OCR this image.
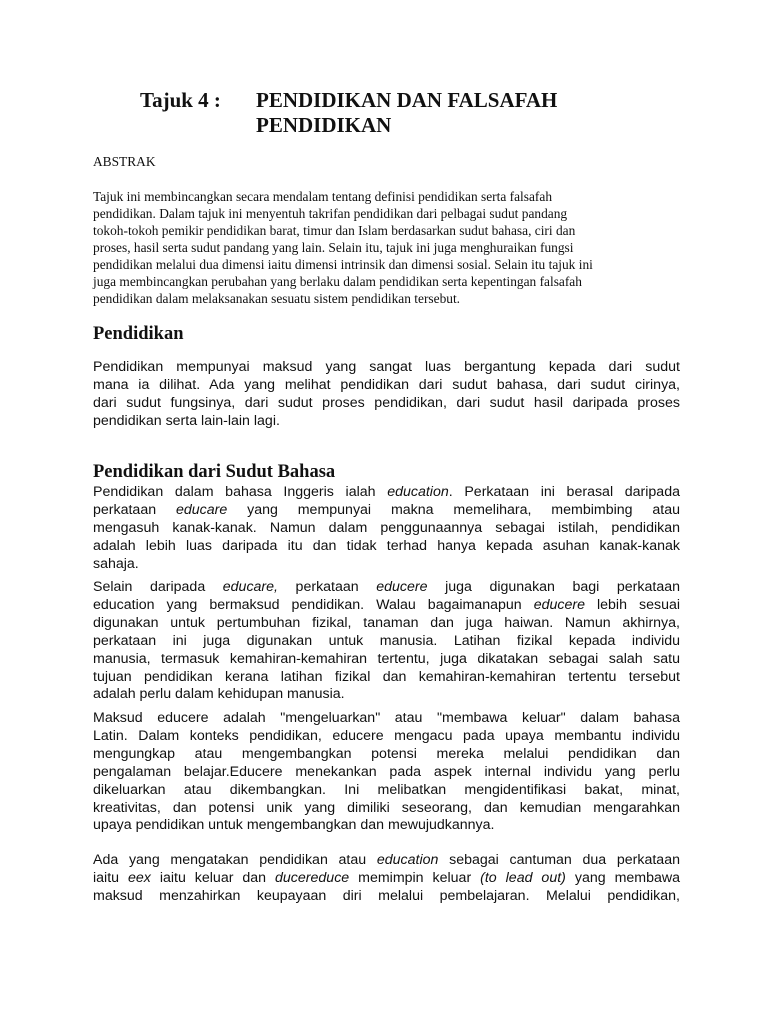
Tajuk 4 : PENDIDIKAN DAN FALSAFAH
PENDIDIKAN
ABSTRAK
Tajuk ini membincangkan secara mendalam tentang definisi pendidikan serta falsafah
pendidikan. Dalam tajuk ini menyentuh takrifan pendidikan dari pelbagai sudut pandang
tokoh-tokoh pemikir pendidikan barat, timur dan Islam berdasarkan sudut bahasa, ciri dan
proses, hasil serta sudut pandang yang lain. Selain itu, tajuk ini juga menghuraikan fungsi
pendidikan melalui dua dimensi iaitu dimensi intrinsik dan dimensi sosial. Selain itu tajuk ini
juga membincangkan perubahan yang berlaku dalam pendidikan serta kepentingan falsafah
pendidikan dalam melaksanakan sesuatu sistem pendidikan tersebut.
Pendidikan
Pendidikan mempunyai maksud yang sangat luas bergantung kepada dari sudut
mana ia dilihat. Ada yang melihat pendidikan dari sudut bahasa, dari sudut cirinya,
dari sudut fungsinya, dari sudut proses pendidikan, dari sudut hasil daripada proses
pendidikan serta lain-lain lagi.
Pendidikan dari Sudut Bahasa
Pendidikan dalam bahasa Inggeris ialah education. Perkataan ini berasal daripada
perkataan educare yang mempunyai makna memelihara, membimbing atau
mengasuh kanak-kanak. Namun dalam penggunaannya sebagai istilah, pendidikan
adalah lebih luas daripada itu dan tidak terhad hanya kepada asuhan kanak-kanak
sahaja.
Selain daripada educare, perkataan educere juga digunakan bagi perkataan
education yang bermaksud pendidikan. Walau bagaimanapun educere lebih sesuai
digunakan untuk pertumbuhan fizikal, tanaman dan juga haiwan. Namun akhirnya,
perkataan ini juga digunakan untuk manusia. Latihan fizikal kepada individu
manusia, termasuk kemahiran-kemahiran tertentu, juga dikatakan sebagai salah satu
tujuan pendidikan kerana latihan fizikal dan kemahiran-kemahiran tertentu tersebut
adalah perlu dalam kehidupan manusia.
Maksud educere adalah "mengeluarkan" atau "membawa keluar" dalam bahasa
Latin. Dalam konteks pendidikan, educere mengacu pada upaya membantu individu
mengungkap atau mengembangkan potensi mereka melalui pendidikan dan
pengalaman belajar.Educere menekankan pada aspek internal individu yang perlu
dikeluarkan atau dikembangkan. Ini melibatkan mengidentifikasi bakat, minat,
kreativitas, dan potensi unik yang dimiliki seseorang, dan kemudian mengarahkan
upaya pendidikan untuk mengembangkan dan mewujudkannya.
Ada yang mengatakan pendidikan atau education sebagai cantuman dua perkataan
iaitu eex iaitu keluar dan ducereduce memimpin keluar (to lead out) yang membawa
maksud menzahirkan keupayaan diri melalui pembelajaran. Melalui pendidikan,
